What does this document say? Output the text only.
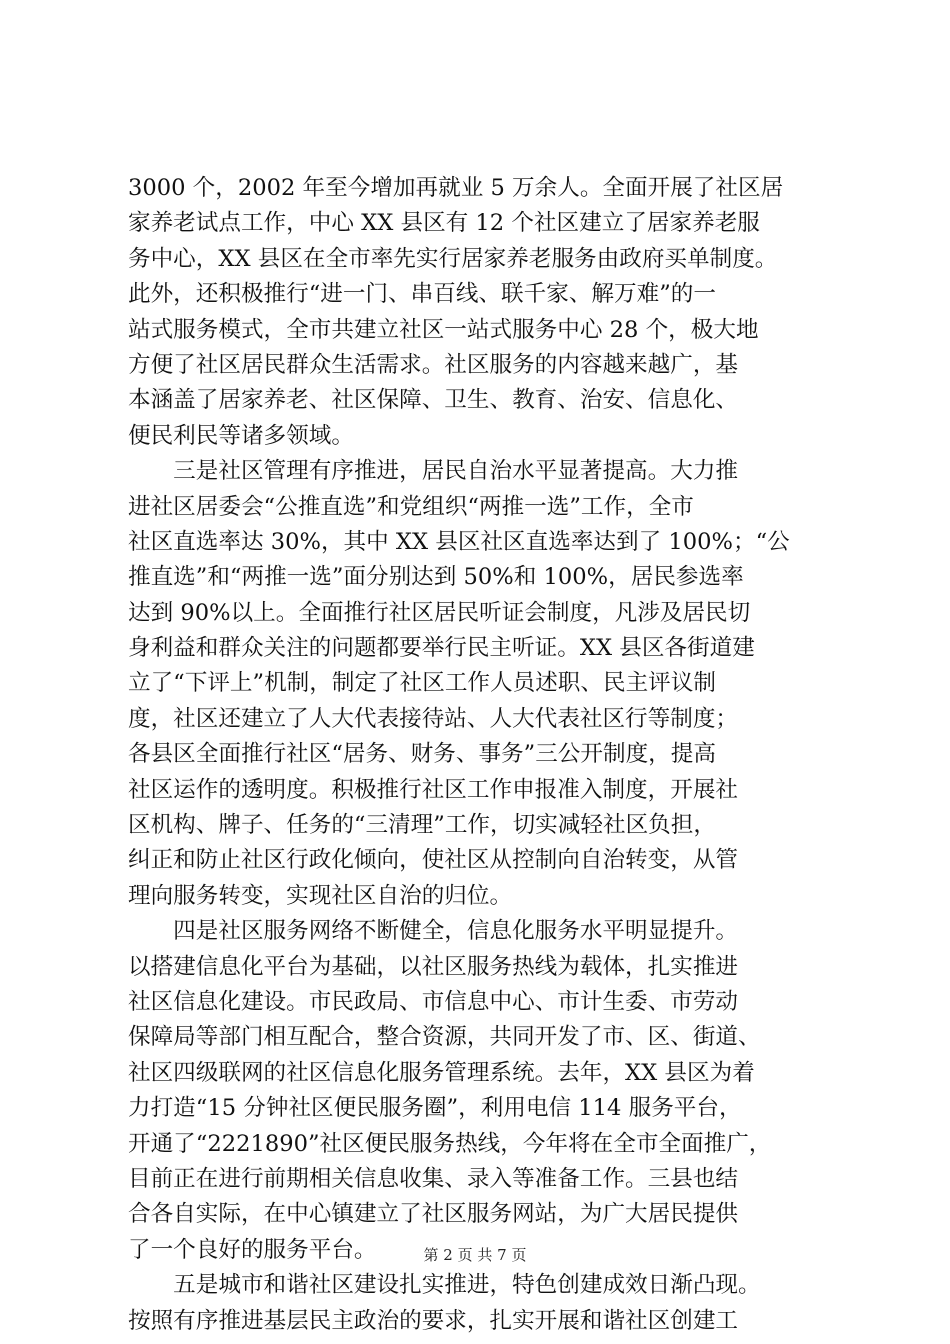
3000 个，2002 年至今增加再就业 5 万余人。全面开展了社区居
家养老试点工作，中心 XX 县区有 12 个社区建立了居家养老服
务中心，XX 县区在全市率先实行居家养老服务由政府买单制度。
此外，还积极推行“进一门、串百线、联千家、解万难”的一
站式服务模式，全市共建立社区一站式服务中心 28 个，极大地
方便了社区居民群众生活需求。社区服务的内容越来越广，基
本涵盖了居家养老、社区保障、卫生、教育、治安、信息化、
便民利民等诸多领域。
　　三是社区管理有序推进，居民自治水平显著提高。大力推
进社区居委会“公推直选”和党组织“两推一选”工作，全市
社区直选率达 30%，其中 XX 县区社区直选率达到了 100%；“公
推直选”和“两推一选”面分别达到 50%和 100%，居民参选率
达到 90%以上。全面推行社区居民听证会制度，凡涉及居民切
身利益和群众关注的问题都要举行民主听证。XX 县区各街道建
立了“下评上”机制，制定了社区工作人员述职、民主评议制
度，社区还建立了人大代表接待站、人大代表社区行等制度；
各县区全面推行社区“居务、财务、事务”三公开制度，提高
社区运作的透明度。积极推行社区工作申报准入制度，开展社
区机构、牌子、任务的“三清理”工作，切实减轻社区负担，
纠正和防止社区行政化倾向，使社区从控制向自治转变，从管
理向服务转变，实现社区自治的归位。
　　四是社区服务网络不断健全，信息化服务水平明显提升。
以搭建信息化平台为基础，以社区服务热线为载体，扎实推进
社区信息化建设。市民政局、市信息中心、市计生委、市劳动
保障局等部门相互配合，整合资源，共同开发了市、区、街道、
社区四级联网的社区信息化服务管理系统。去年，XX 县区为着
力打造“15 分钟社区便民服务圈”，利用电信 114 服务平台，
开通了“2221890”社区便民服务热线，今年将在全市全面推广，
目前正在进行前期相关信息收集、录入等准备工作。三县也结
合各自实际，在中心镇建立了社区服务网站，为广大居民提供
了一个良好的服务平台。
　　五是城市和谐社区建设扎实推进，特色创建成效日渐凸现。
按照有序推进基层民主政治的要求，扎实开展和谐社区创建工
第 2 页 共 7 页
